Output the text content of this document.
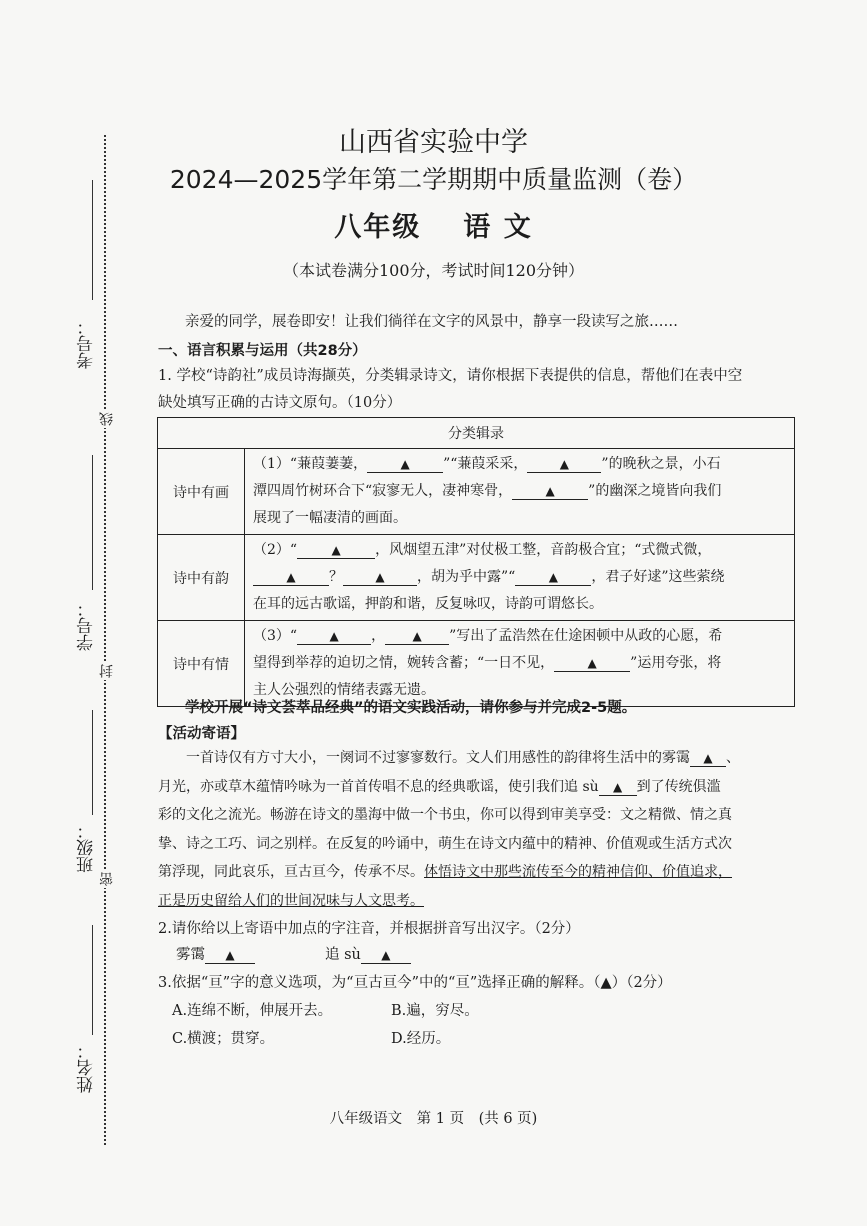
考号：
线
学号：
封
班级：
密
姓名：
山西省实验中学
2024—2025学年第二学期期中质量监测（卷）
八年级 语 文
（本试卷满分100分，考试时间120分钟）
亲爱的同学，展卷即安！让我们徜徉在文字的风景中，静享一段读写之旅……
一、语言积累与运用（共28分）
1. 学校“诗韵社”成员诗海撷英，分类辑录诗文，请你根据下表提供的信息，帮他们在表中空
缺处填写正确的古诗文原句。（10分）
分类辑录	
诗中有画	（1）“蒹葭萋萋， ▲ ”“蒹葭采采， ▲ ”的晚秋之景，小石
潭四周竹树环合下“寂寥无人，凄神寒骨， ▲ ”的幽深之境皆向我们
展现了一幅凄清的画面。

诗中有韵	（2）“ ▲ ，风烟望五津”对仗极工整，音韵极合宜；“式微式微，
▲ ？ ▲ ，胡为乎中露”“ ▲ ，君子好逑”这些萦绕
在耳的远古歌谣，押韵和谐，反复咏叹，诗韵可谓悠长。

诗中有情	（3）“ ▲ ， ▲ ”写出了孟浩然在仕途困顿中从政的心愿，希
望得到举荐的迫切之情，婉转含蓄；“一日不见， ▲ ”运用夸张，将
主人公强烈的情绪表露无遗。
学校开展“诗文荟萃品经典”的语文实践活动，请你参与并完成2-5题。
【活动寄语】
一首诗仅有方寸大小，一阕词不过寥寥数行。文人们用感性的韵律将生活中的雾霭 ▲ 、
月光，亦或草木蕴情吟咏为一首首传唱不息的经典歌谣，使引我们追 sù ▲ 到了传统俱滥
彩的文化之流光。畅游在诗文的墨海中做一个书虫，你可以得到审美享受：文之精微、情之真
挚、诗之工巧、词之别样。在反复的吟诵中，萌生在诗文内蕴中的精神、价值观或生活方式次
第浮现，同此哀乐，亘古亘今，传承不尽。体悟诗文中那些流传至今的精神信仰、价值追求，
正是历史留给人们的世间况味与人文思考。
2.请你给以上寄语中加点的字注音，并根据拼音写出汉字。（2分）
雾霭 ▲	追 sù ▲
3.依据“亘”字的意义选项，为“亘古亘今”中的“亘”选择正确的解释。（▲）（2分）
A.连绵不断，伸展开去。	B.遍，穷尽。
C.横渡；贯穿。	D.经历。
八年级语文　第 1 页　(共 6 页)
